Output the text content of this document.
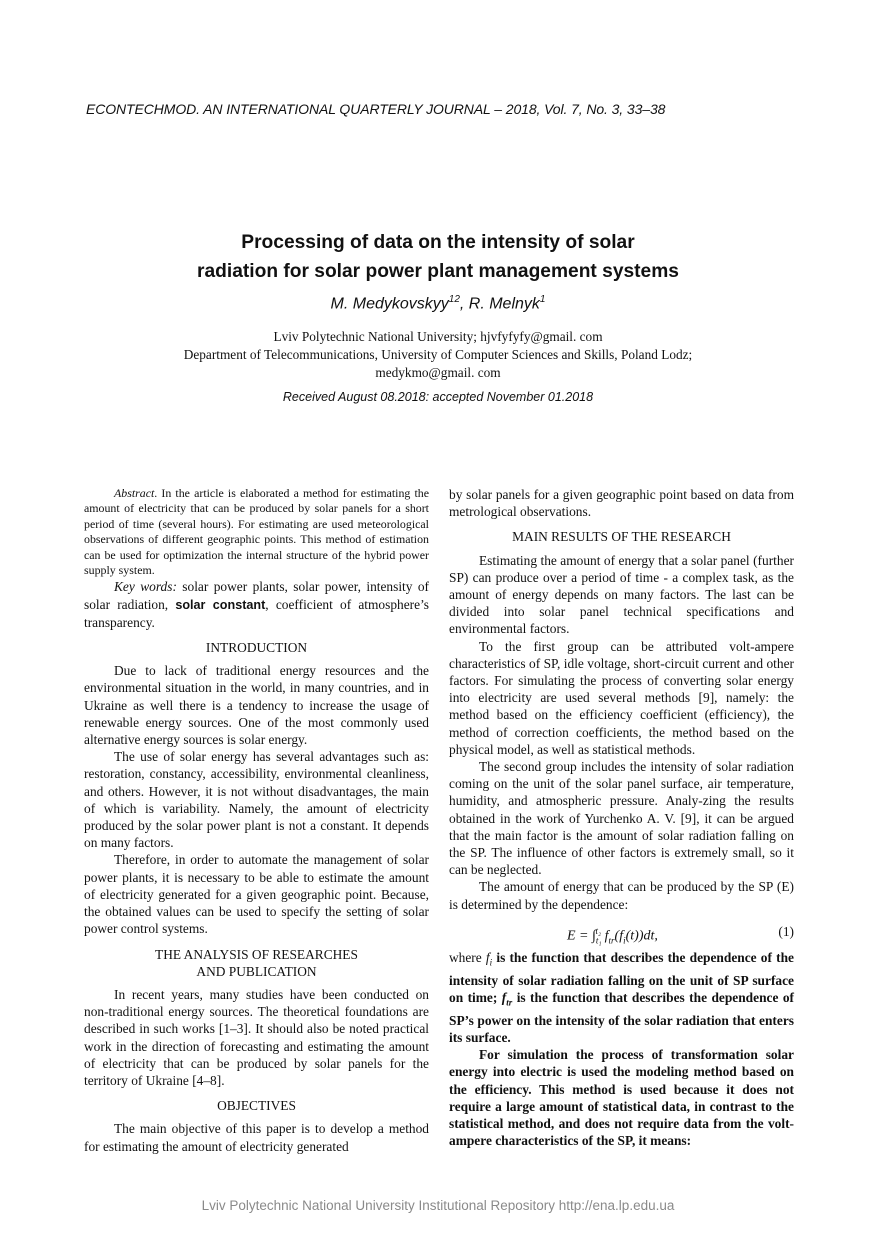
ECONTECHMOD. AN INTERNATIONAL QUARTERLY JOURNAL – 2018, Vol. 7, No. 3, 33–38
Processing of data on the intensity of solar
radiation for solar power plant management systems
M. Medykovskyy$^{12}$, R. Melnyk$^1$
Lviv Polytechnic National University; hjvfyfyfy@gmail. com
Department of Telecommunications, University of Computer Sciences and Skills, Poland Lodz;
medykmo@gmail. com
Received August 08.2018: accepted November 01.2018

Abstract. In the article is elaborated a method for estimating the amount of electricity that can be produced by solar panels for a short period of time (several hours). For estimating are used meteorological observations of different geographic points. This method of estimation can be used for optimization the internal structure of the hybrid power supply system.

Key words: solar power plants, solar power, intensity of solar radiation, solar constant, coefficient of atmosphere’s transparency.

INTRODUCTION

Due to lack of traditional energy resources and the environmental situation in the world, in many countries, and in Ukraine as well there is a tendency to increase the usage of renewable energy sources. One of the most commonly used alternative energy sources is solar energy.

The use of solar energy has several advantages such as: restoration, constancy, accessibility, environmental cleanliness, and others. However, it is not without disadvantages, the main of which is variability. Namely, the amount of electricity produced by the solar power plant is not a constant. It depends on many factors.

Therefore, in order to automate the management of solar power plants, it is necessary to be able to estimate the amount of electricity generated for a given geographic point. Because, the obtained values can be used to specify the setting of solar power control systems.

THE ANALYSIS OF RESEARCHES
AND PUBLICATION

In recent years, many studies have been conducted on non-traditional energy sources. The theoretical foundations are described in such works [1–3]. It should also be noted practical work in the direction of forecasting and estimating the amount of electricity that can be produced by solar panels for the territory of Ukraine [4–8].

OBJECTIVES

The main objective of this paper is to develop a method for estimating the amount of electricity generated

by solar panels for a given geographic point based on data from metrological observations.

MAIN RESULTS OF THE RESEARCH

Estimating the amount of energy that a solar panel (further SP) can produce over a period of time - a complex task, as the amount of energy depends on many factors. The last can be divided into solar panel technical specifications and environmental factors.

To the first group can be attributed volt-ampere characteristics of SP, idle voltage, short-circuit current and other factors. For simulating the process of converting solar energy into electricity are used several methods [9], namely: the method based on the efficiency coefficient (efficiency), the method of correction coefficients, the method based on the physical model, as well as statistical methods.

The second group includes the intensity of solar radiation coming on the unit of the solar panel surface, air temperature, humidity, and atmospheric pressure. Analy-zing the results obtained in the work of Yurchenko A. V. [9], it can be argued that the main factor is the amount of solar radiation falling on the SP. The influence of other factors is extremely small, so it can be neglected.

The amount of energy that can be produced by the SP (E) is determined by the dependence:

$E = \int_{t_1}^{t_2}$ $f_{tr}(f_i(t))dt$,	(1)

where $f_i$ is the function that describes the dependence of the intensity of solar radiation falling on the unit of SP surface on time; $f_{tr}$ is the function that describes the dependence of SP’s power on the intensity of the solar radiation that enters its surface.

For simulation the process of transformation solar energy into electric is used the modeling method based on the efficiency. This method is used because it does not require a large amount of statistical data, in contrast to the statistical method, and does not require data from the volt-ampere characteristics of the SP, it means:

Lviv Polytechnic National University Institutional Repository http://ena.lp.edu.ua
